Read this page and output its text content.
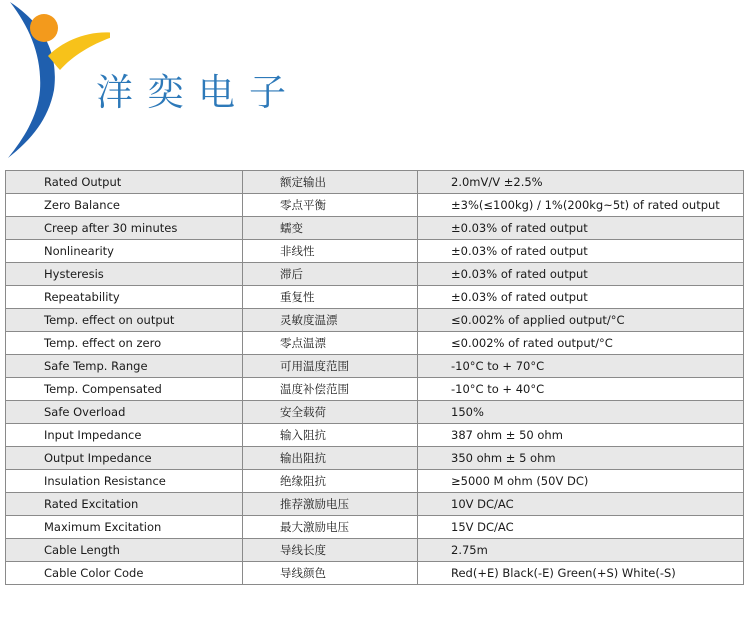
洋奕电子
Rated Output	额定输出	2.0mV/V ±2.5%
Zero Balance	零点平衡	±3%(≤100kg) / 1%(200kg~5t) of rated output
Creep after 30 minutes	蠕变	±0.03% of rated output
Nonlinearity	非线性	±0.03% of rated output
Hysteresis	滞后	±0.03% of rated output
Repeatability	重复性	±0.03% of rated output
Temp. effect on output	灵敏度温漂	≤0.002% of applied output/°C
Temp. effect on zero	零点温漂	≤0.002% of rated output/°C
Safe Temp. Range	可用温度范围	-10°C to + 70°C
Temp. Compensated	温度补偿范围	-10°C to + 40°C
Safe Overload	安全载荷	150%
Input Impedance	输入阻抗	387 ohm ± 50 ohm
Output Impedance	输出阻抗	350 ohm ± 5 ohm
Insulation Resistance	绝缘阻抗	≥5000 M ohm (50V DC)
Rated Excitation	推荐激励电压	10V DC/AC
Maximum Excitation	最大激励电压	15V DC/AC
Cable Length	导线长度	2.75m
Cable Color Code	导线颜色	Red(+E) Black(-E) Green(+S) White(-S)
